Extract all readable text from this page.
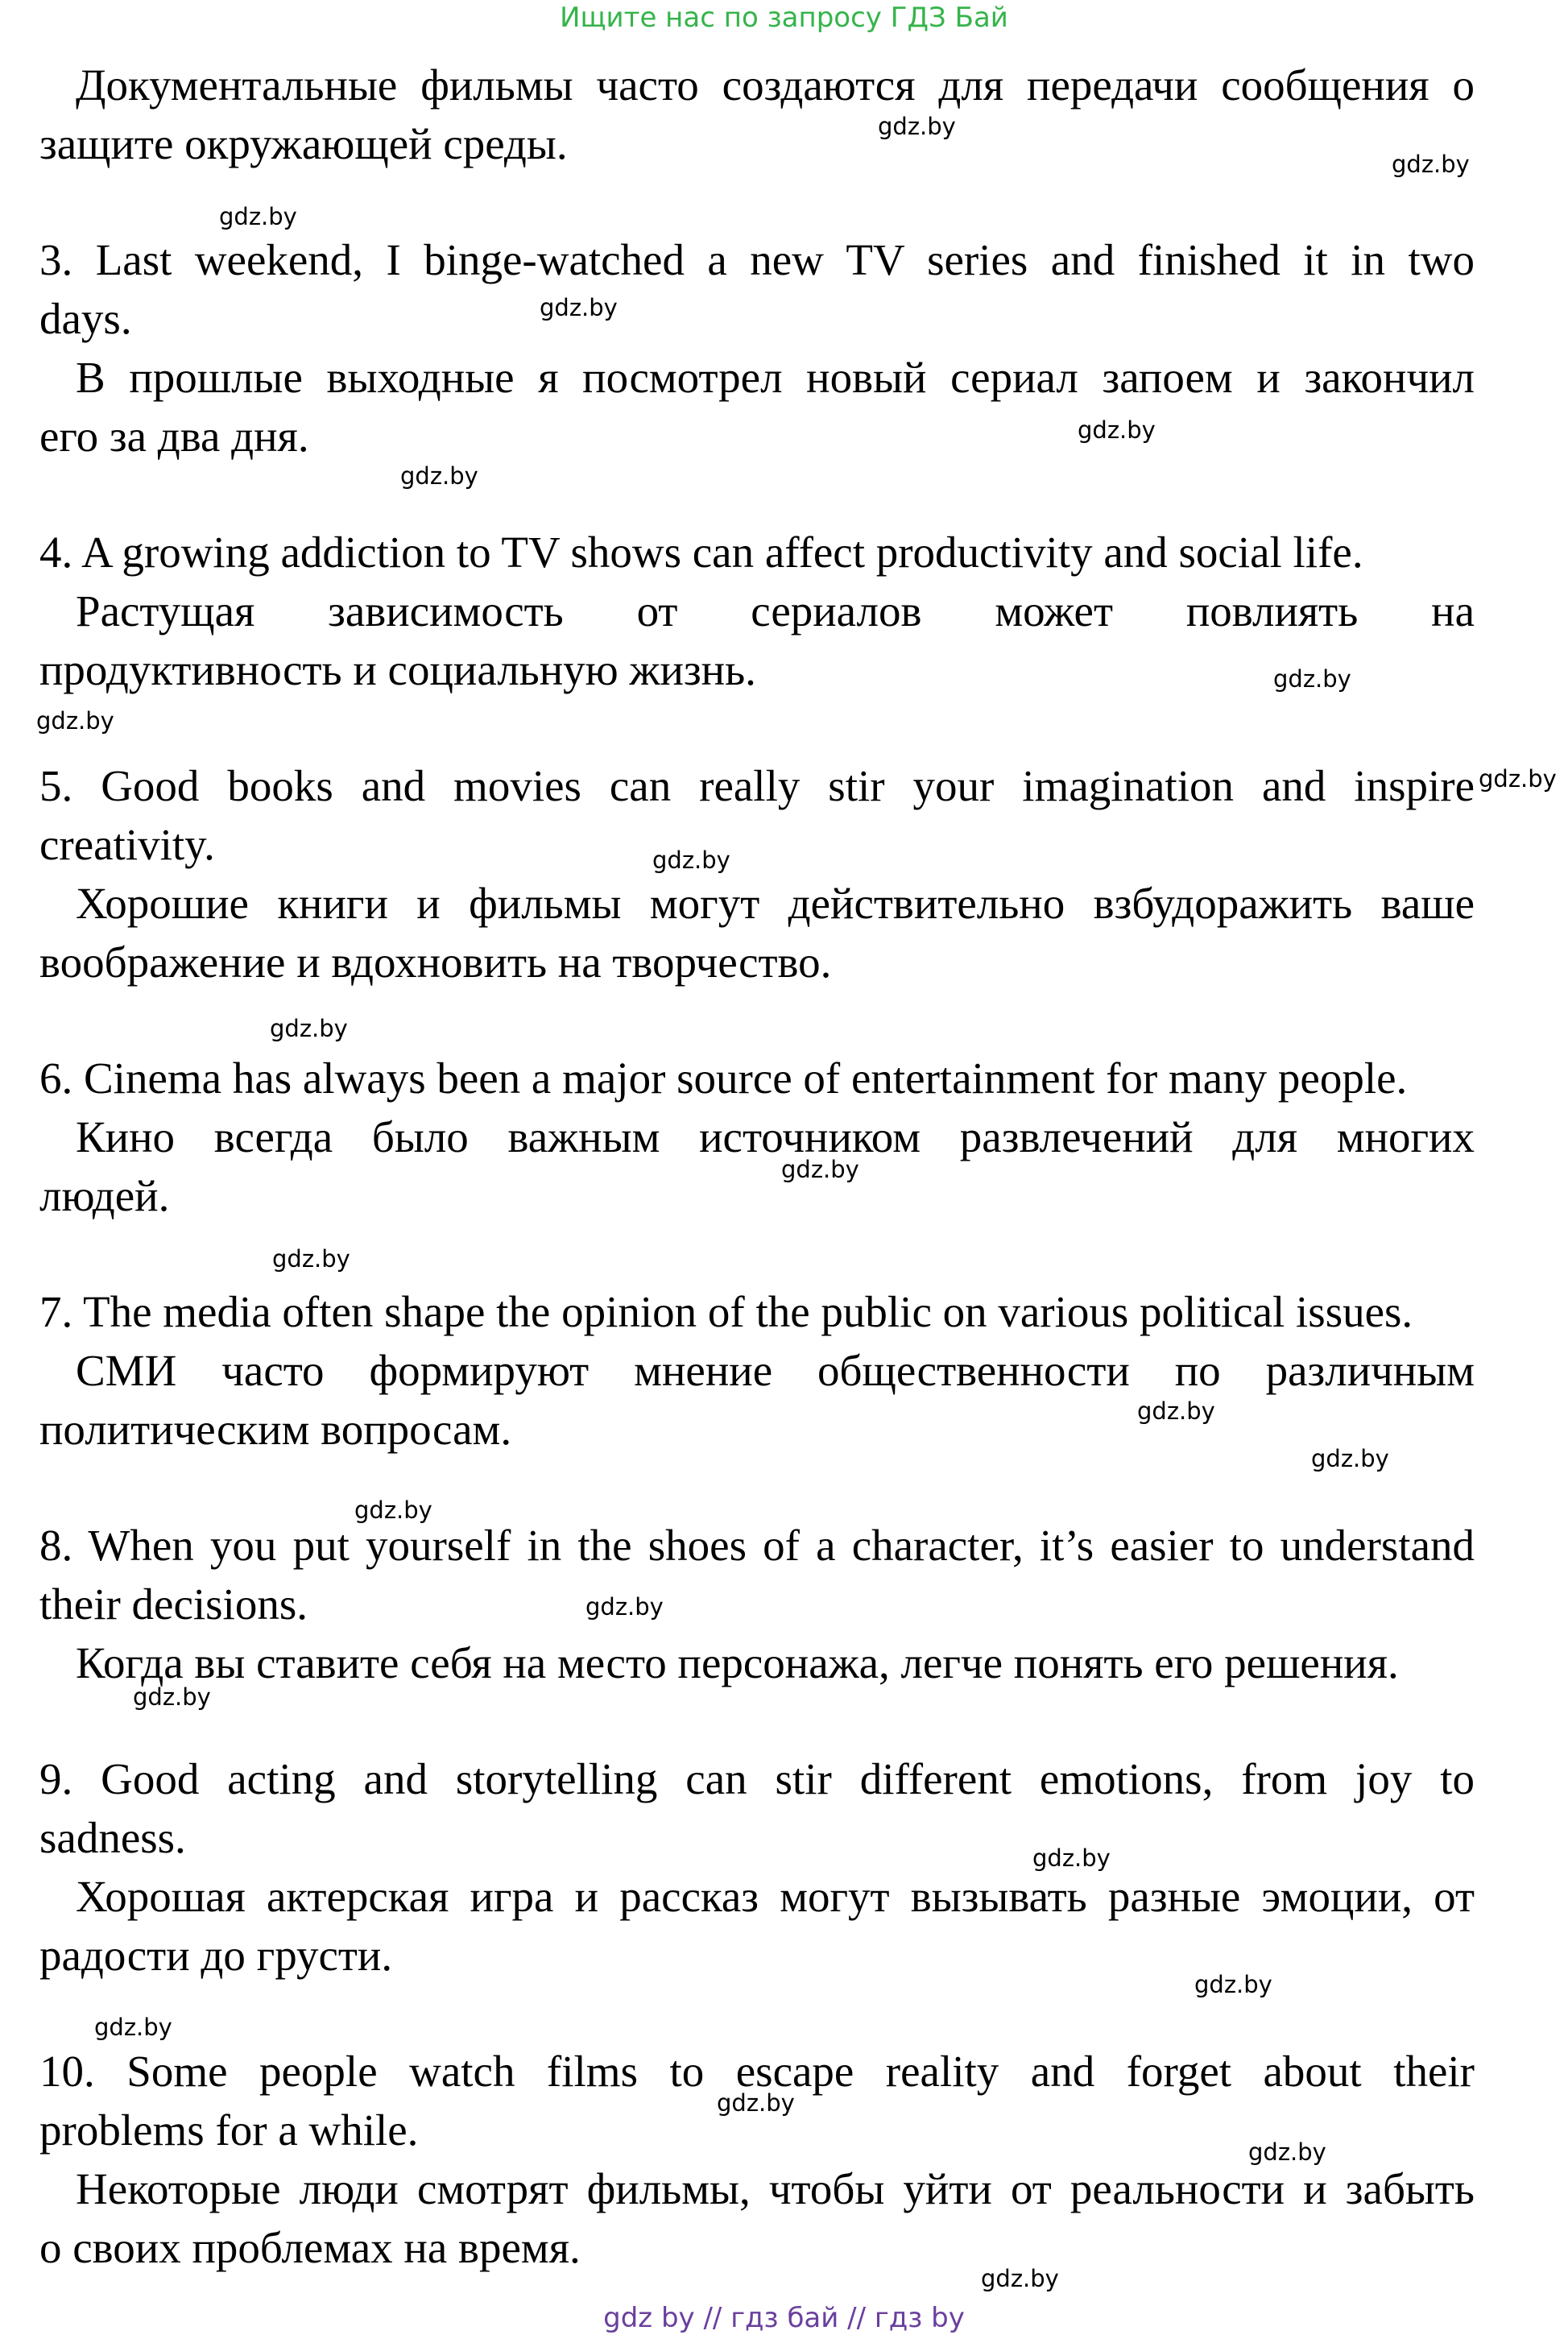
Ищите нас по запросу ГДЗ Бай
Документальные фильмы часто создаются для передачи сообщения о
защите окружающей среды.
3. Last weekend, I binge-watched a new TV series and finished it in two
days.
В прошлые выходные я посмотрел новый сериал запоем и закончил
его за два дня.
4. A growing addiction to TV shows can affect productivity and social life.
Растущая зависимость от сериалов может повлиять на
продуктивность и социальную жизнь.
5. Good books and movies can really stir your imagination and inspire
creativity.
Хорошие книги и фильмы могут действительно взбудоражить ваше
воображение и вдохновить на творчество.
6. Cinema has always been a major source of entertainment for many people.
Кино всегда было важным источником развлечений для многих
людей.
7. The media often shape the opinion of the public on various political issues.
СМИ часто формируют мнение общественности по различным
политическим вопросам.
8. When you put yourself in the shoes of a character, it’s easier to understand
their decisions.
Когда вы ставите себя на место персонажа, легче понять его решения.
9. Good acting and storytelling can stir different emotions, from joy to
sadness.
Хорошая актерская игра и рассказ могут вызывать разные эмоции, от
радости до грусти.
10. Some people watch films to escape reality and forget about their
problems for a while.
Некоторые люди смотрят фильмы, чтобы уйти от реальности и забыть
о своих проблемах на время.
gdz.by
gdz.by
gdz.by
gdz.by
gdz.by
gdz.by
gdz.by
gdz.by
gdz.by
gdz.by
gdz.by
gdz.by
gdz.by
gdz.by
gdz.by
gdz.by
gdz.by
gdz.by
gdz.by
gdz.by
gdz.by
gdz.by
gdz.by
gdz.by
gdz by // гдз бай // гдз by
